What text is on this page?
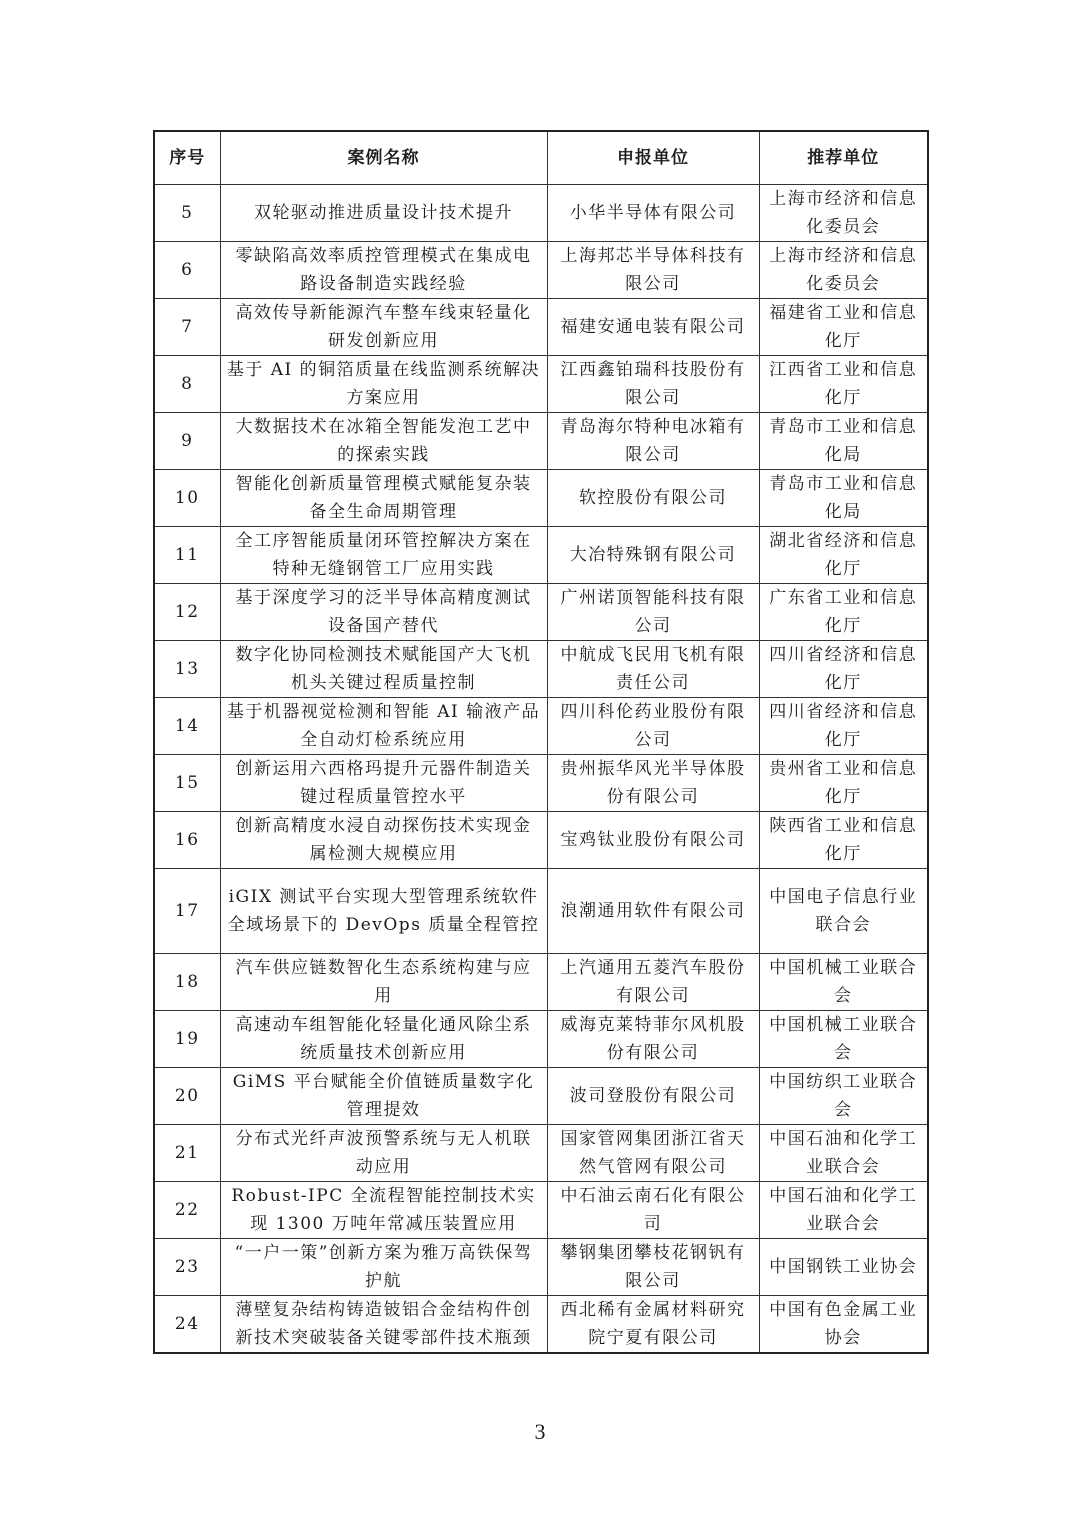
序号	案例名称	申报单位	推荐单位
5	双轮驱动推进质量设计技术提升	小华半导体有限公司	上海市经济和信息化委员会
6	零缺陷高效率质控管理模式在集成电路设备制造实践经验	上海邦芯半导体科技有限公司	上海市经济和信息化委员会
7	高效传导新能源汽车整车线束轻量化研发创新应用	福建安通电装有限公司	福建省工业和信息化厅
8	基于 AI 的铜箔质量在线监测系统解决方案应用	江西鑫铂瑞科技股份有限公司	江西省工业和信息化厅
9	大数据技术在冰箱全智能发泡工艺中的探索实践	青岛海尔特种电冰箱有限公司	青岛市工业和信息化局
10	智能化创新质量管理模式赋能复杂装备全生命周期管理	软控股份有限公司	青岛市工业和信息化局
11	全工序智能质量闭环管控解决方案在特种无缝钢管工厂应用实践	大冶特殊钢有限公司	湖北省经济和信息化厅
12	基于深度学习的泛半导体高精度测试设备国产替代	广州诺顶智能科技有限公司	广东省工业和信息化厅
13	数字化协同检测技术赋能国产大飞机机头关键过程质量控制	中航成飞民用飞机有限责任公司	四川省经济和信息化厅
14	基于机器视觉检测和智能 AI 输液产品全自动灯检系统应用	四川科伦药业股份有限公司	四川省经济和信息化厅
15	创新运用六西格玛提升元器件制造关键过程质量管控水平	贵州振华风光半导体股份有限公司	贵州省工业和信息化厅
16	创新高精度水浸自动探伤技术实现金属检测大规模应用	宝鸡钛业股份有限公司	陕西省工业和信息化厅
17	iGIX 测试平台实现大型管理系统软件全域场景下的 DevOps 质量全程管控	浪潮通用软件有限公司	中国电子信息行业联合会
18	汽车供应链数智化生态系统构建与应用	上汽通用五菱汽车股份有限公司	中国机械工业联合会
19	高速动车组智能化轻量化通风除尘系统质量技术创新应用	威海克莱特菲尔风机股份有限公司	中国机械工业联合会
20	GiMS 平台赋能全价值链质量数字化管理提效	波司登股份有限公司	中国纺织工业联合会
21	分布式光纤声波预警系统与无人机联动应用	国家管网集团浙江省天然气管网有限公司	中国石油和化学工业联合会
22	Robust-IPC 全流程智能控制技术实现 1300 万吨年常减压装置应用	中石油云南石化有限公司	中国石油和化学工业联合会
23	“一户一策”创新方案为雅万高铁保驾护航	攀钢集团攀枝花钢钒有限公司	中国钢铁工业协会
24	薄壁复杂结构铸造铍铝合金结构件创新技术突破装备关键零部件技术瓶颈	西北稀有金属材料研究院宁夏有限公司	中国有色金属工业协会
3
